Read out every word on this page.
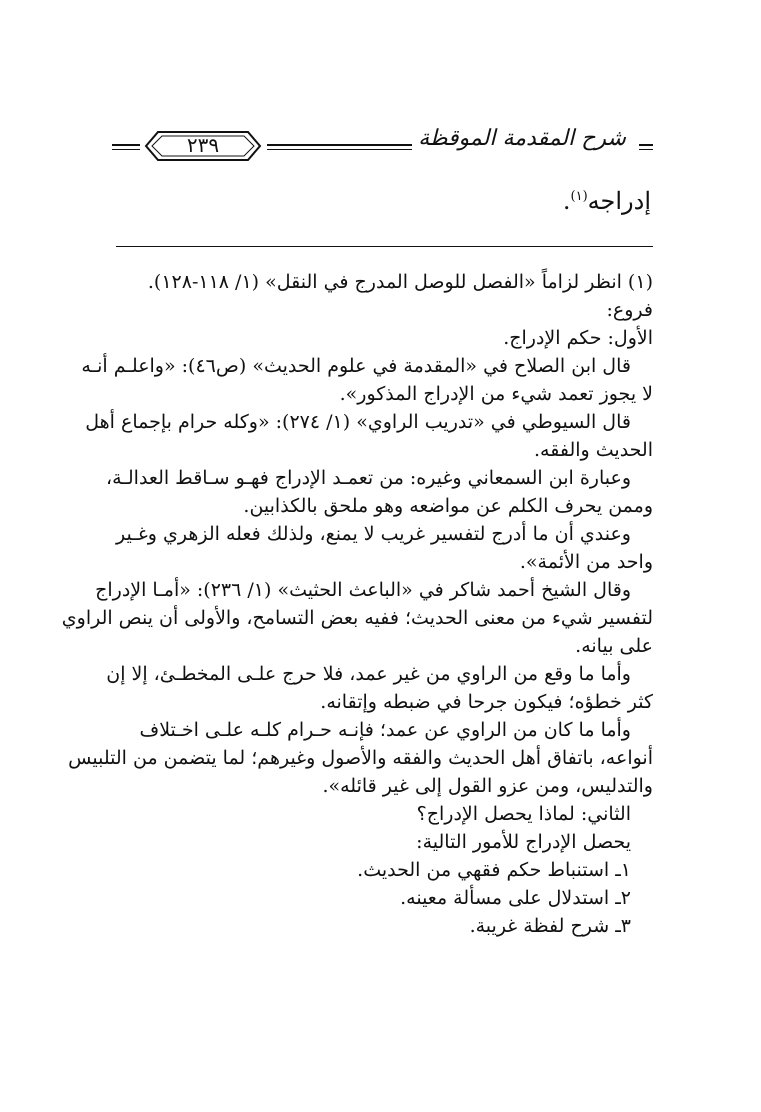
٢٣٩	شرح المقدمة الموقظة
إدراجه$^{(١)}$.
(١) انظر لزاماً «الفصل للوصل المدرج في النقل» (١/ ١١٨-١٢٨).
فروع:
الأول: حكم الإدراج.
قال ابن الصلاح في «المقدمة في علوم الحديث» (ص٤٦): «واعلـم أنـه
لا يجوز تعمد شيء من الإدراج المذكور».
قال السيوطي في «تدريب الراوي» (١/ ٢٧٤): «وكله حرام بإجماع أهل
الحديث والفقه.
وعبارة ابن السمعاني وغيره: من تعمـد الإدراج فهـو سـاقط العدالـة،
وممن يحرف الكلم عن مواضعه وهو ملحق بالكذابين.
وعندي أن ما أدرج لتفسير غريب لا يمنع، ولذلك فعله الزهري وغـير
واحد من الأئمة».
وقال الشيخ أحمد شاكر في «الباعث الحثيث» (١/ ٢٣٦): «أمـا الإدراج
لتفسير شيء من معنى الحديث؛ ففيه بعض التسامح، والأولى أن ينص الراوي
على بيانه.
وأما ما وقع من الراوي من غير عمد، فلا حرج علـى المخطـئ، إلا إن
كثر خطؤه؛ فيكون جرحا في ضبطه وإتقانه.
وأما ما كان من الراوي عن عمد؛ فإنـه حـرام كلـه علـى اخـتلاف
أنواعه، باتفاق أهل الحديث والفقه والأصول وغيرهم؛ لما يتضمن من التلبيس
والتدليس، ومن عزو القول إلى غير قائله».
الثاني: لماذا يحصل الإدراج؟
يحصل الإدراج للأمور التالية:
١ـ استنباط حكم فقهي من الحديث.
٢ـ استدلال على مسألة معينه.
٣ـ شرح لفظة غريبة.
